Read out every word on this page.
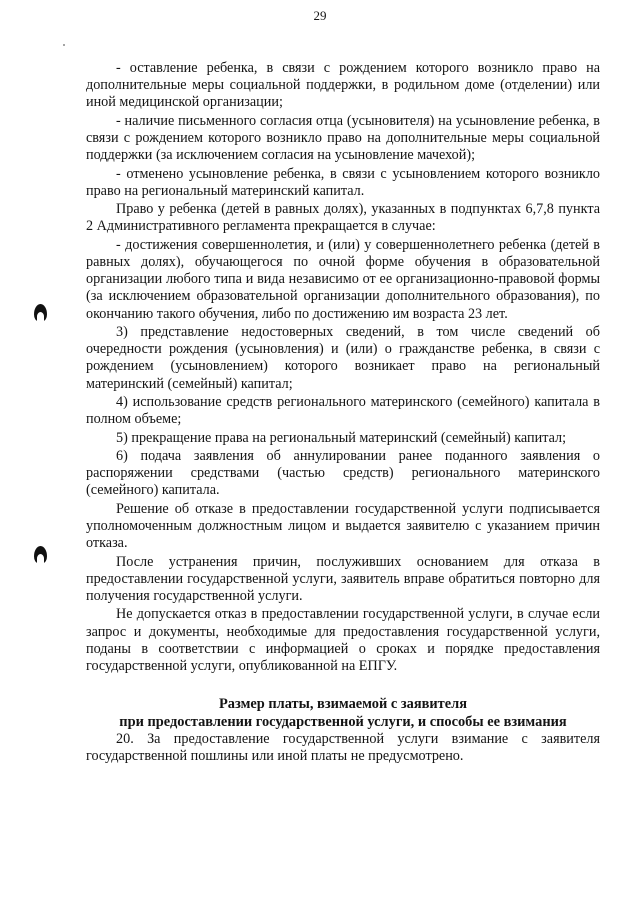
29

- оставление ребенка, в связи с рождением которого возникло право на дополнительные меры социальной поддержки, в родильном доме (отделении) или иной медицинской организации;

- наличие письменного согласия отца (усыновителя) на усыновление ребенка, в связи с рождением которого возникло право на дополнительные меры социальной поддержки (за исключением согласия на усыновление мачехой);

- отменено усыновление ребенка, в связи с усыновлением которого возникло право на региональный материнский капитал.

Право у ребенка (детей в равных долях), указанных в подпунктах 6,7,8 пункта 2 Административного регламента прекращается в случае:

- достижения совершеннолетия, и (или) у совершеннолетнего ребенка (детей в равных долях), обучающегося по очной форме обучения в образовательной организации любого типа и вида независимо от ее организационно-правовой формы (за исключением образовательной организации дополнительного образования), по окончанию такого обучения, либо по достижению им возраста 23 лет.

3) представление недостоверных сведений, в том числе сведений об очередности рождения (усыновления) и (или) о гражданстве ребенка, в связи с рождением (усыновлением) которого возникает право на региональный материнский (семейный) капитал;

4) использование средств регионального материнского (семейного) капитала в полном объеме;

5) прекращение права на региональный материнский (семейный) капитал;

6) подача заявления об аннулировании ранее поданного заявления о распоряжении средствами (частью средств) регионального материнского (семейного) капитала.

Решение об отказе в предоставлении государственной услуги подписывается уполномоченным должностным лицом и выдается заявителю с указанием причин отказа.

После устранения причин, послуживших основанием для отказа в предоставлении государственной услуги, заявитель вправе обратиться повторно для получения государственной услуги.

Не допускается отказ в предоставлении государственной услуги, в случае если запрос и документы, необходимые для предоставления государственной услуги, поданы в соответствии с информацией о сроках и порядке предоставления государственной услуги, опубликованной на ЕПГУ.

Размер платы, взимаемой с заявителя

при предоставлении государственной услуги, и способы ее взимания

20. За предоставление государственной услуги взимание с заявителя государственной пошлины или иной платы не предусмотрено.
